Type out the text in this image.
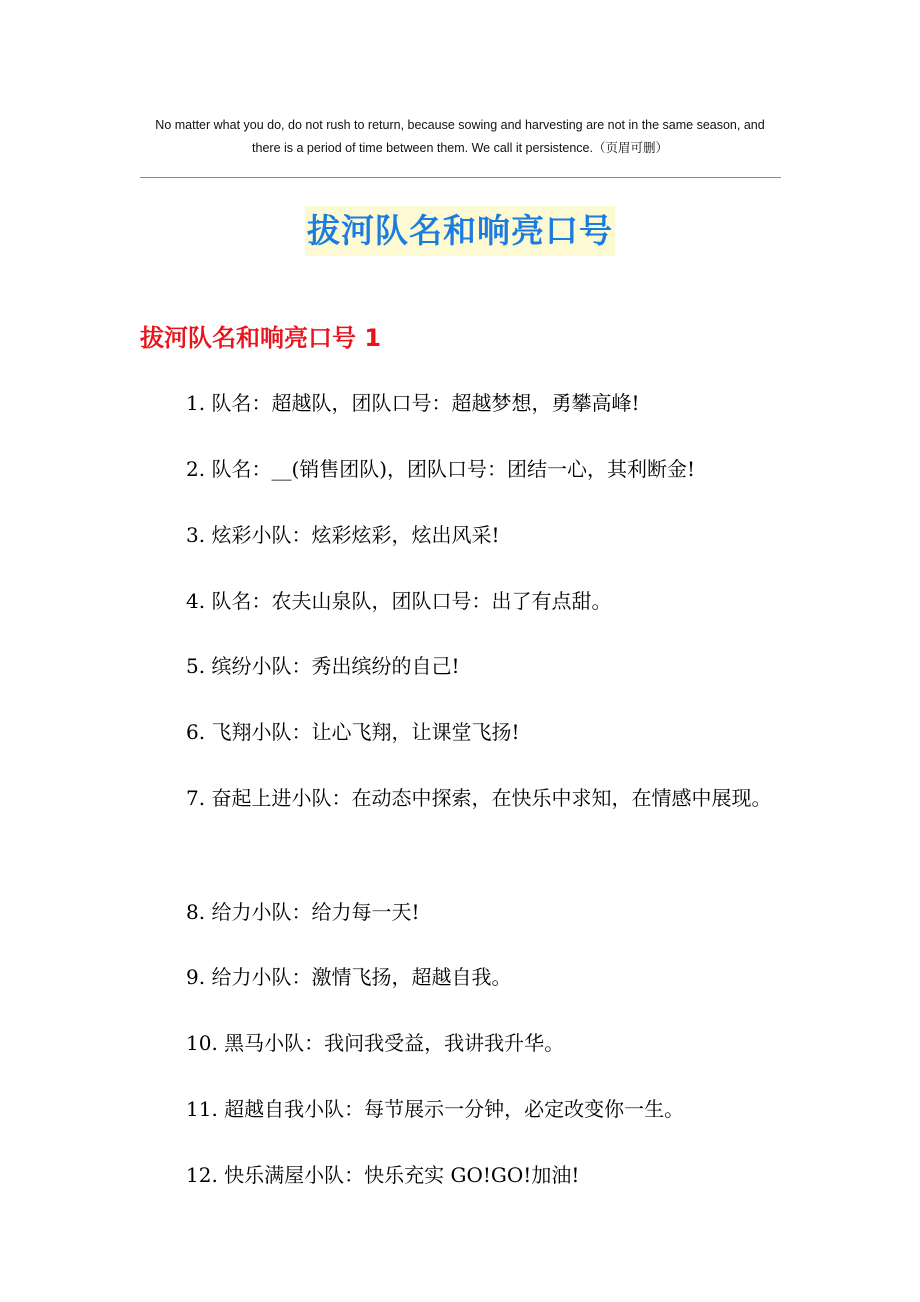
No matter what you do, do not rush to return, because sowing and harvesting are not in the same season, and there is a period of time between them. We call it persistence.（页眉可删）
拔河队名和响亮口号
拔河队名和响亮口号 1
1. 队名：超越队，团队口号：超越梦想，勇攀高峰!
2. 队名：__(销售团队)，团队口号：团结一心，其利断金!
3. 炫彩小队：炫彩炫彩，炫出风采!
4. 队名：农夫山泉队，团队口号：出了有点甜。
5. 缤纷小队：秀出缤纷的自己!
6. 飞翔小队：让心飞翔，让课堂飞扬!
7. 奋起上进小队：在动态中探索，在快乐中求知，在情感中展现。
8. 给力小队：给力每一天!
9. 给力小队：激情飞扬，超越自我。
10. 黑马小队：我问我受益，我讲我升华。
11. 超越自我小队：每节展示一分钟，必定改变你一生。
12. 快乐满屋小队：快乐充实 GO!GO!加油!
